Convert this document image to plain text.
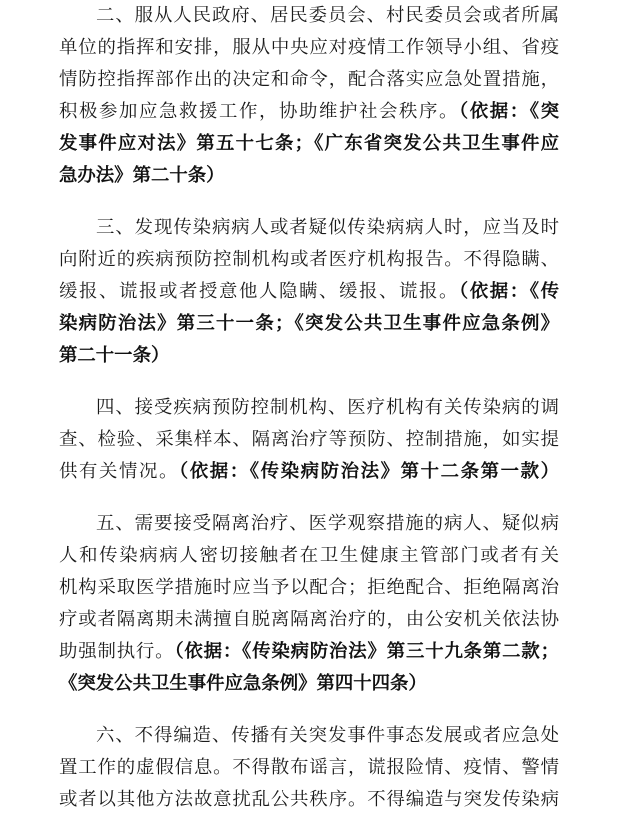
二、服从人民政府、居民委员会、村民委员会或者所属
单位的指挥和安排，服从中央应对疫情工作领导小组、省疫
情防控指挥部作出的决定和命令，配合落实应急处置措施，
积极参加应急救援工作，协助维护社会秩序。（依据：《突
发事件应对法》第五十七条；《广东省突发公共卫生事件应
急办法》第二十条）
三、发现传染病病人或者疑似传染病病人时，应当及时
向附近的疾病预防控制机构或者医疗机构报告。不得隐瞒、
缓报、谎报或者授意他人隐瞒、缓报、谎报。（依据：《传
染病防治法》第三十一条；《突发公共卫生事件应急条例》
第二十一条）
四、接受疾病预防控制机构、医疗机构有关传染病的调
查、检验、采集样本、隔离治疗等预防、控制措施，如实提
供有关情况。（依据：《传染病防治法》第十二条第一款）
五、需要接受隔离治疗、医学观察措施的病人、疑似病
人和传染病病人密切接触者在卫生健康主管部门或者有关
机构采取医学措施时应当予以配合；拒绝配合、拒绝隔离治
疗或者隔离期未满擅自脱离隔离治疗的，由公安机关依法协
助强制执行。（依据：《传染病防治法》第三十九条第二款；
《突发公共卫生事件应急条例》第四十四条）
六、不得编造、传播有关突发事件事态发展或者应急处
置工作的虚假信息。不得散布谣言，谎报险情、疫情、警情
或者以其他方法故意扰乱公共秩序。不得编造与突发传染病
